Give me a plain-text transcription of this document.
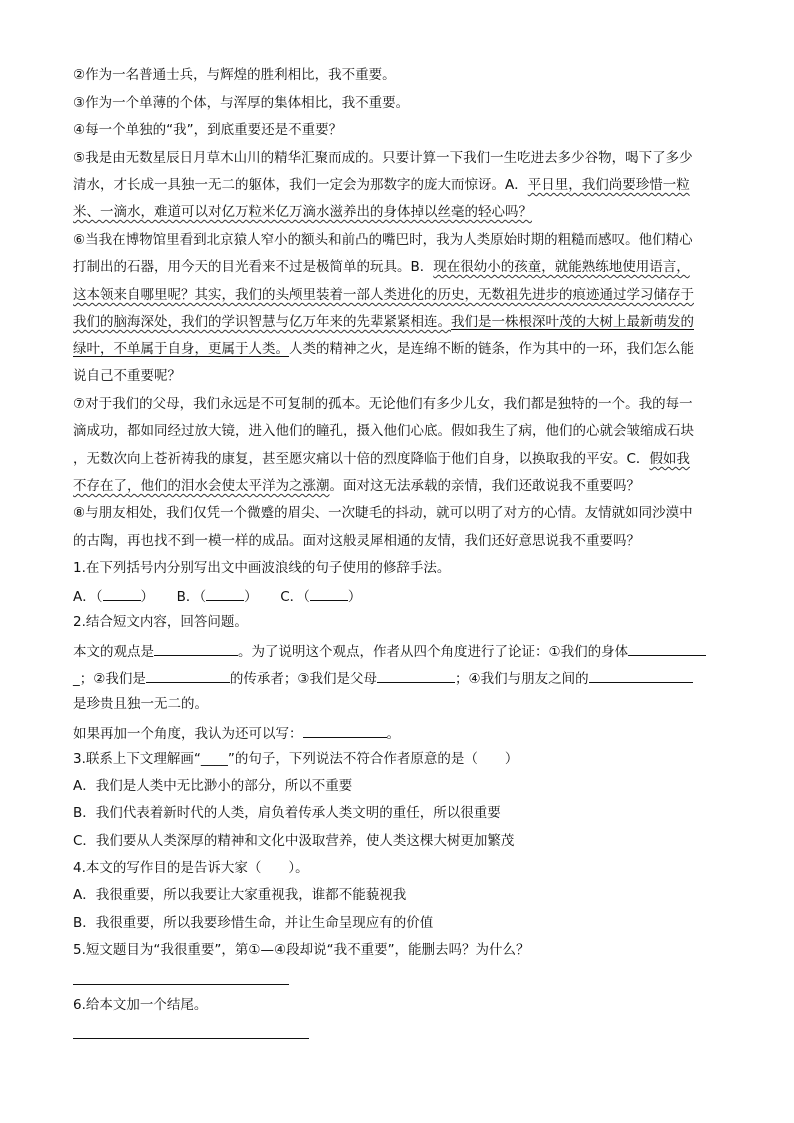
②作为一名普通士兵，与辉煌的胜利相比，我不重要。
③作为一个单薄的个体，与浑厚的集体相比，我不重要。
④每一个单独的“我”，到底重要还是不重要？
⑤我是由无数星辰日月草木山川的精华汇聚而成的。只要计算一下我们一生吃进去多少谷物，喝下了多少
清水，才长成一具独一无二的躯体，我们一定会为那数字的庞大而惊讶。A．平日里，我们尚要珍惜一粒
米、一滴水，难道可以对亿万粒米亿万滴水滋养出的身体掉以丝毫的轻心吗？
⑥当我在博物馆里看到北京猿人窄小的额头和前凸的嘴巴时，我为人类原始时期的粗糙而感叹。他们精心
打制出的石器，用今天的目光看来不过是极简单的玩具。B．现在很幼小的孩童，就能熟练地使用语言，
这本领来自哪里呢？其实，我们的头颅里装着一部人类进化的历史，无数祖先进步的痕迹通过学习储存于
我们的脑海深处，我们的学识智慧与亿万年来的先辈紧紧相连。我们是一株根深叶茂的大树上最新萌发的
绿叶，不单属于自身，更属于人类。人类的精神之火，是连绵不断的链条，作为其中的一环，我们怎么能
说自己不重要呢？
⑦对于我们的父母，我们永远是不可复制的孤本。无论他们有多少儿女，我们都是独特的一个。我的每一
滴成功，都如同经过放大镜，进入他们的瞳孔，摄入他们心底。假如我生了病，他们的心就会皱缩成石块
，无数次向上苍祈祷我的康复，甚至愿灾痛以十倍的烈度降临于他们自身，以换取我的平安。C．假如我
不存在了，他们的泪水会使太平洋为之涨潮。面对这无法承载的亲情，我们还敢说我不重要吗？
⑧与朋友相处，我们仅凭一个微蹙的眉尖、一次睫毛的抖动，就可以明了对方的心情。友情就如同沙漠中
的古陶，再也找不到一模一样的成品。面对这般灵犀相通的友情，我们还好意思说我不重要吗？
1.在下列括号内分别写出文中画波浪线的句子使用的修辞手法。
A．（	） B．（	） C．（	）
2.结合短文内容，回答问题。
本文的观点是	。为了说明这个观点，作者从四个角度进行了论证：①我们的身体
_；②我们是	的传承者；③我们是父母	；④我们与朋友之间的
是珍贵且独一无二的。
如果再加一个角度，我认为还可以写：	。
3.联系上下文理解画“____”的句子，下列说法不符合作者原意的是（　　）
A．我们是人类中无比渺小的部分，所以不重要
B．我们代表着新时代的人类，肩负着传承人类文明的重任，所以很重要
C．我们要从人类深厚的精神和文化中汲取营养，使人类这棵大树更加繁茂
4.本文的写作目的是告诉大家（　　）。
A．我很重要，所以我要让大家重视我，谁都不能藐视我
B．我很重要，所以我要珍惜生命，并让生命呈现应有的价值
5.短文题目为“我很重要”，第①—④段却说“我不重要”，能删去吗？为什么？
6.给本文加一个结尾。
